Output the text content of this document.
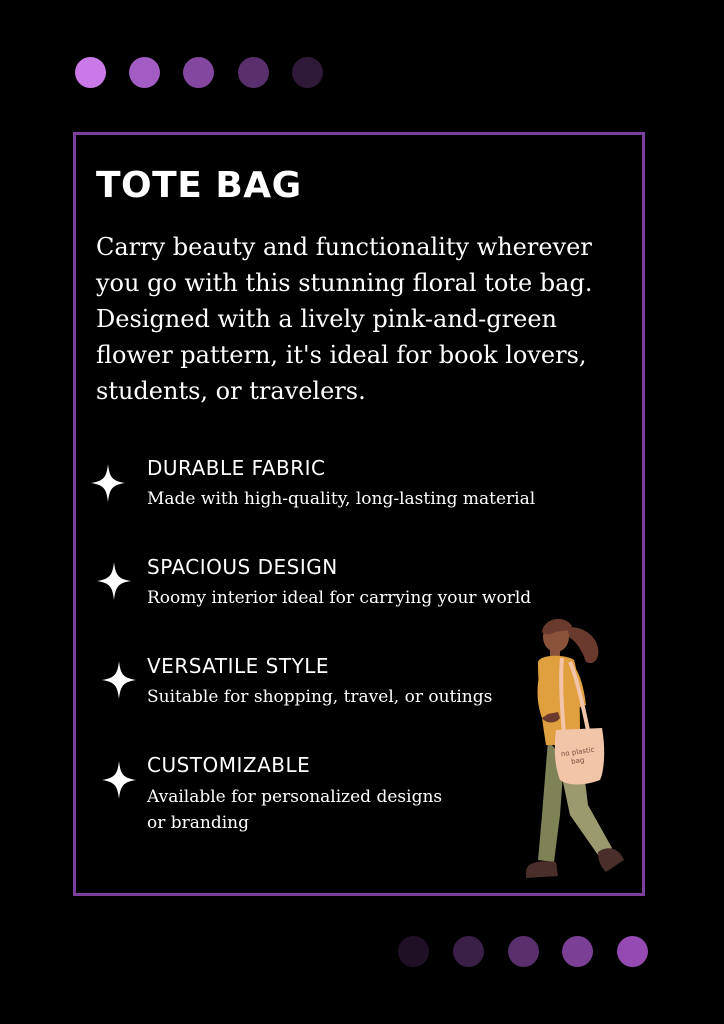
TOTE BAG

Carry beauty and functionality wherever you go with this stunning floral tote bag. Designed with a lively pink-and-green flower pattern, it's ideal for book lovers, students, or travelers.

DURABLE FABRIC

Made with high-quality, long-lasting material

SPACIOUS DESIGN

Roomy interior ideal for carrying your world

VERSATILE STYLE

Suitable for shopping, travel, or outings

CUSTOMIZABLE

Available for personalized designs or branding

no plastic
bag
